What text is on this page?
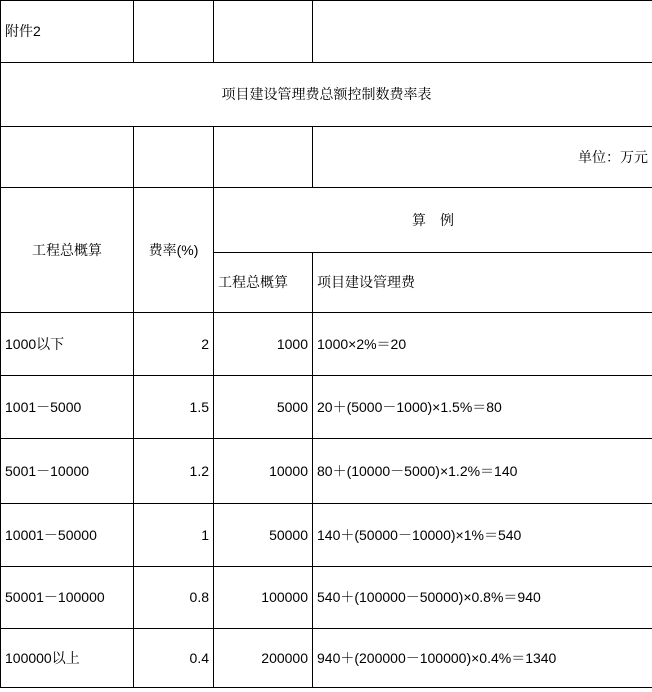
附件2			
项目建设管理费总额控制数费率表			
			单位：万元
工程总概算	费率(%)	算　例	
		工程总概算	项目建设管理费
1000以下	2	1000	1000×2%＝20
1001－5000	1.5	5000	20＋(5000－1000)×1.5%＝80
5001－10000	1.2	10000	80＋(10000－5000)×1.2%＝140
10001－50000	1	50000	140＋(50000－10000)×1%＝540
50001－100000	0.8	100000	540＋(100000－50000)×0.8%＝940
100000以上	0.4	200000	940＋(200000－100000)×0.4%＝1340
